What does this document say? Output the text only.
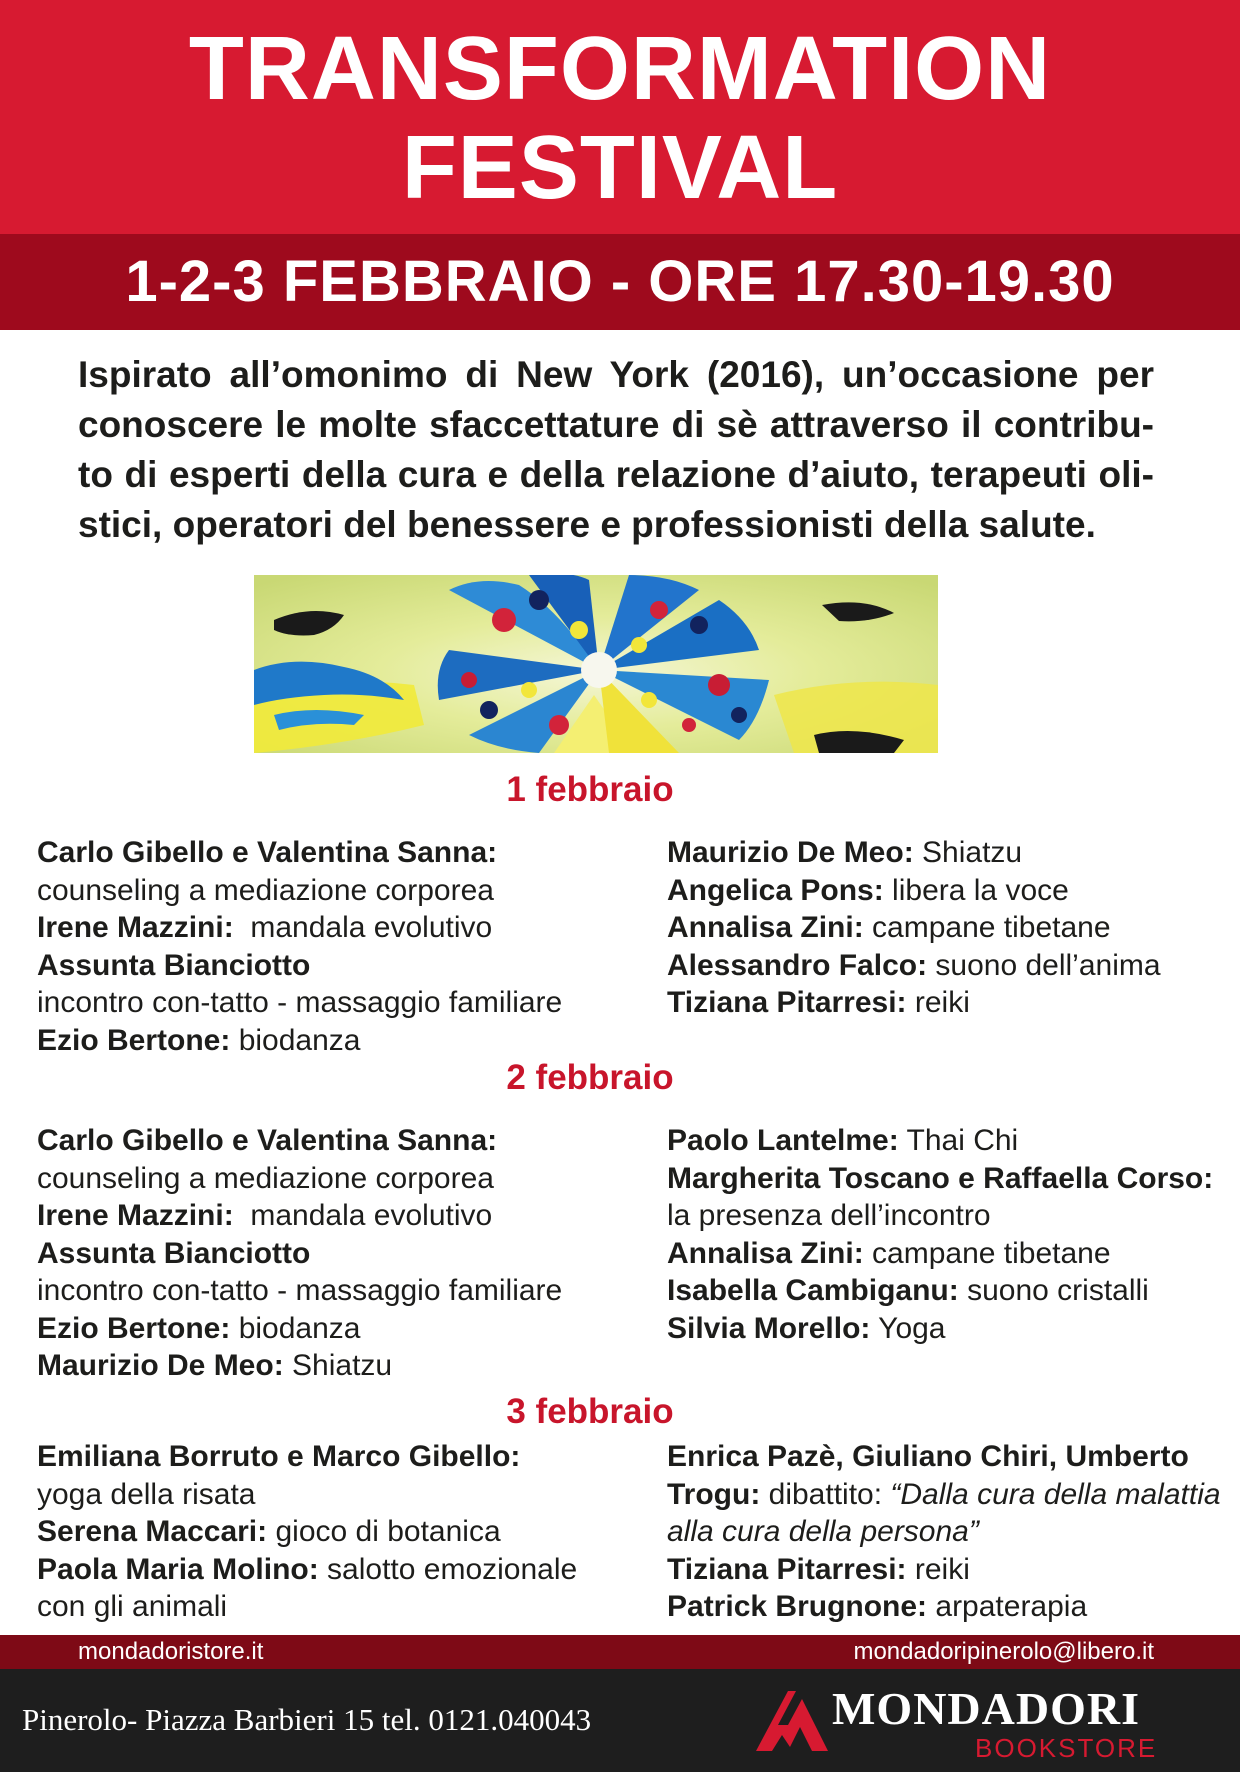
TRANSFORMATION
FESTIVAL
1-2-3 FEBBRAIO - ORE 17.30-19.30
Ispirato all’omonimo di New York (2016), un’occasione per
conoscere le molte sfaccettature di sè attraverso il contribu-
to di esperti della cura e della relazione d’aiuto, terapeuti oli-
stici, operatori del benessere e professionisti della salute.
1 febbraio
2 febbraio
3 febbraio
Carlo Gibello e Valentina Sanna:
counseling a mediazione corporea
Irene Mazzini:  mandala evolutivo
Assunta Bianciotto
incontro con-tatto - massaggio familiare
Ezio Bertone: biodanza
Maurizio De Meo: Shiatzu
Angelica Pons: libera la voce
Annalisa Zini: campane tibetane
Alessandro Falco: suono dell’anima
Tiziana Pitarresi: reiki
Carlo Gibello e Valentina Sanna:
counseling a mediazione corporea
Irene Mazzini:  mandala evolutivo
Assunta Bianciotto
incontro con-tatto - massaggio familiare
Ezio Bertone: biodanza
Maurizio De Meo: Shiatzu
Paolo Lantelme: Thai Chi
Margherita Toscano e Raffaella Corso:
la presenza dell’incontro
Annalisa Zini: campane tibetane
Isabella Cambiganu: suono cristalli
Silvia Morello: Yoga
Emiliana Borruto e Marco Gibello:
yoga della risata
Serena Maccari: gioco di botanica
Paola Maria Molino: salotto emozionale
con gli animali
Enrica Pazè, Giuliano Chiri, Umberto
Trogu: dibattito: “Dalla cura della malattia
alla cura della persona”
Tiziana Pitarresi: reiki
Patrick Brugnone: arpaterapia
mondadoristore.it	mondadoripinerolo@libero.it
Pinerolo- Piazza Barbieri 15 tel. 0121.040043	MONDADORI
BOOKSTORE
